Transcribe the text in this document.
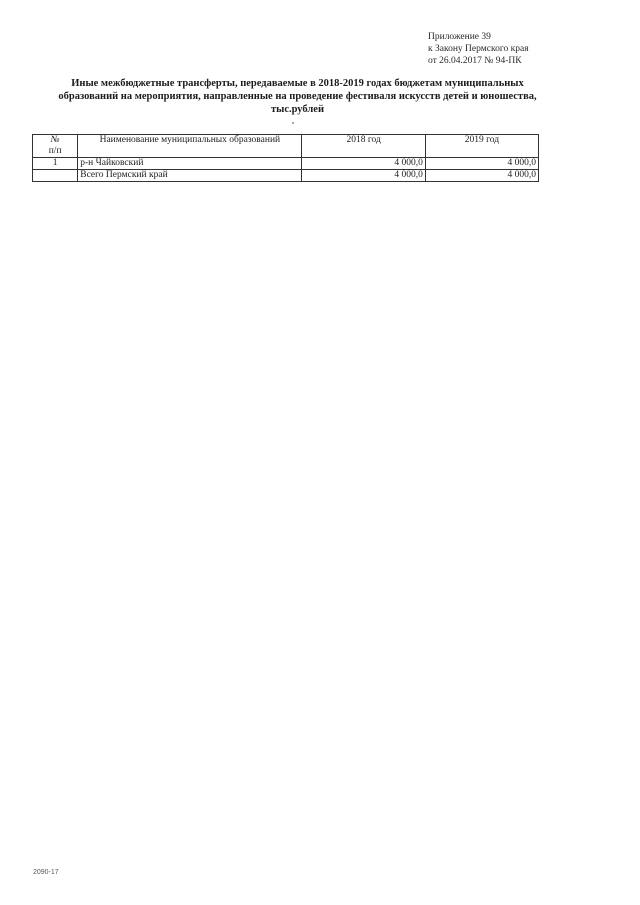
Приложение 39
к Закону Пермского края
от 26.04.2017 № 94-ПК
Иные межбюджетные трансферты, передаваемые в 2018-2019 годах бюджетам муниципальных
образований на мероприятия, направленные на проведение фестиваля искусств детей и юношества,
тыс.рублей
№
п/п	Наименование муниципальных образований	2018 год	2019 год
1	р-н Чайковский	4 000,0	4 000,0
	Всего Пермский край	4 000,0	4 000,0
2090-17
